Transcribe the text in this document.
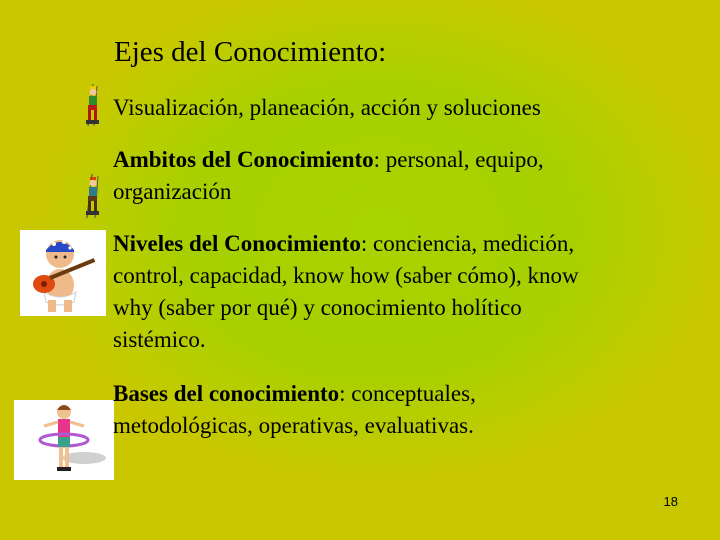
Ejes del Conocimiento:
Visualización, planeación, acción y soluciones
Ambitos del Conocimiento: personal, equipo, organización
Niveles del Conocimiento: conciencia, medición, control, capacidad, know how (saber cómo), know why (saber por qué) y conocimiento holítico sistémico.
Bases del conocimiento: conceptuales, metodológicas, operativas, evaluativas.
18
